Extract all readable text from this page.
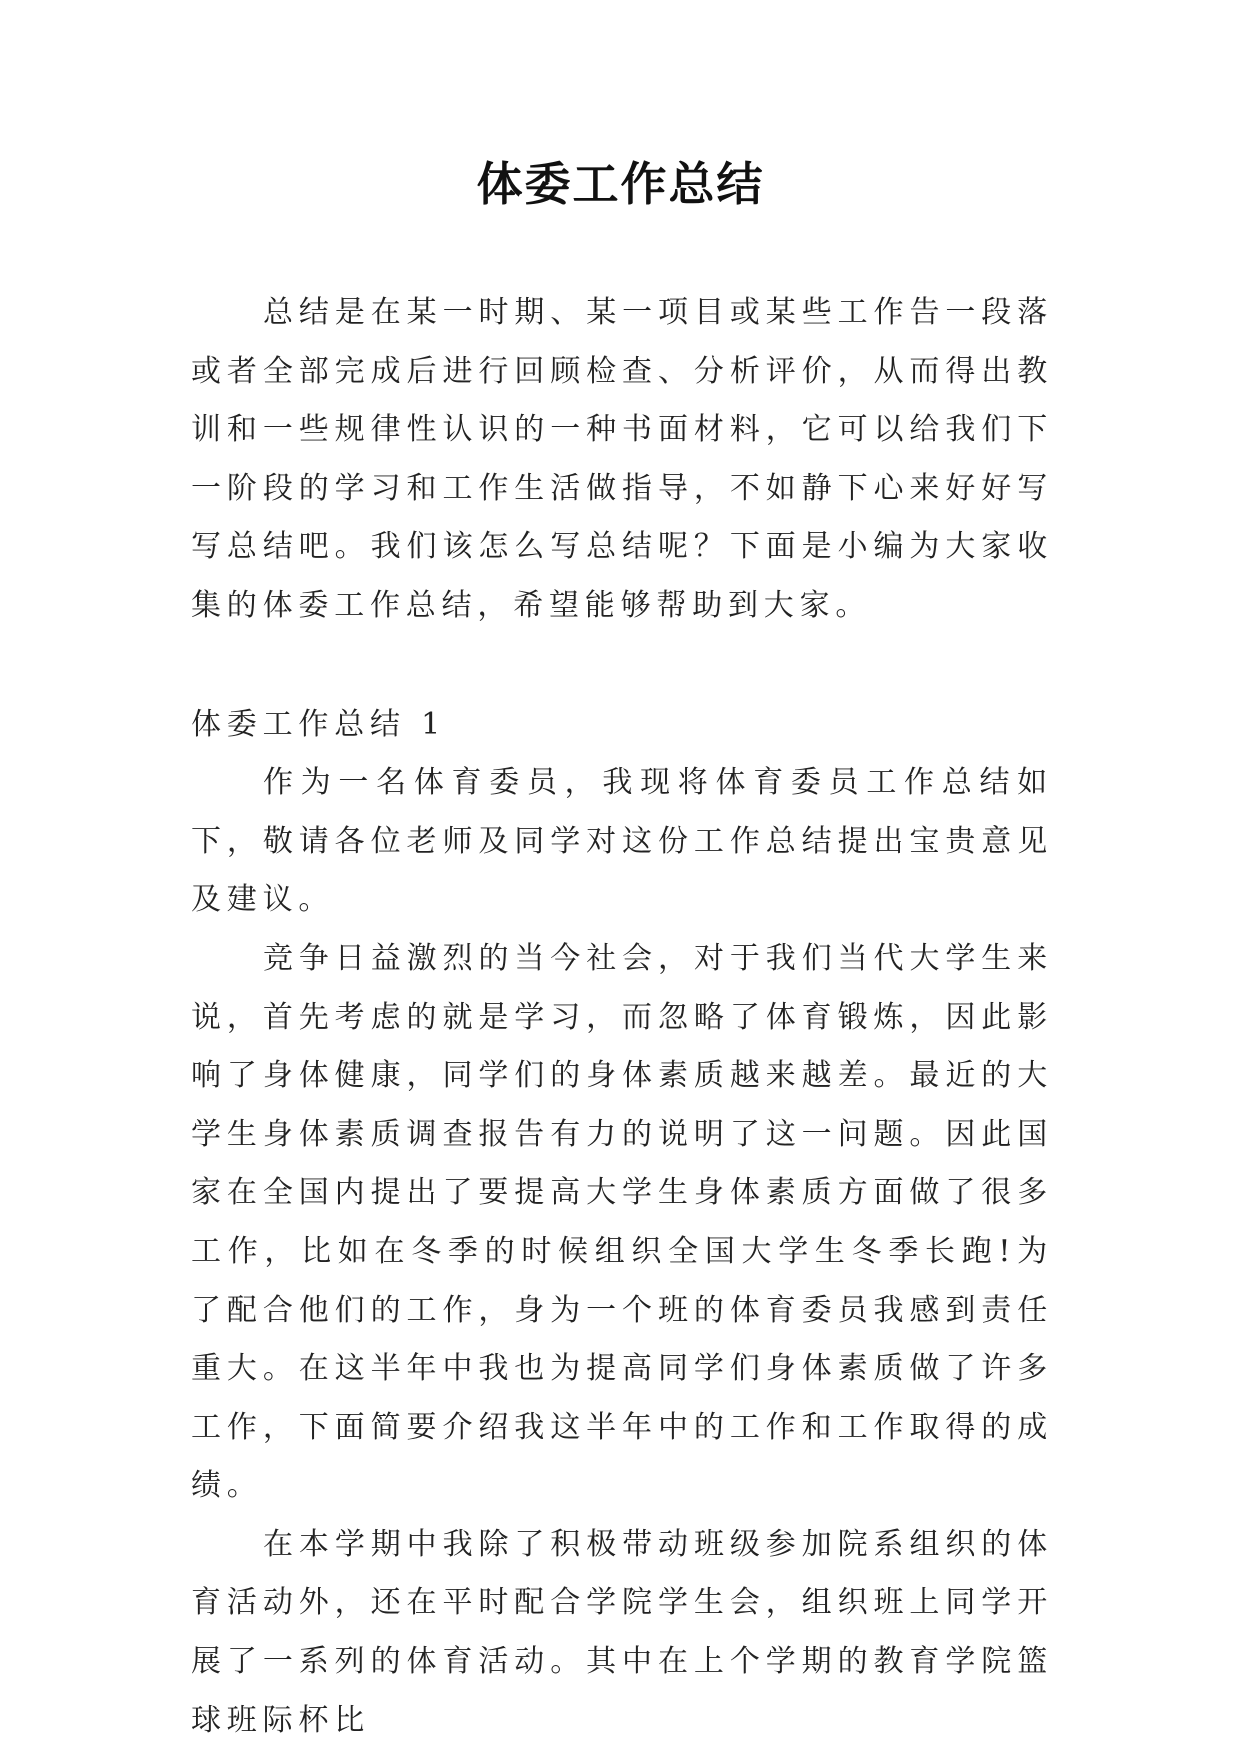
体委工作总结

总结是在某一时期、某一项目或某些工作告一段落或者全部完成后进行回顾检查、分析评价，从而得出教训和一些规律性认识的一种书面材料，它可以给我们下一阶段的学习和工作生活做指导，不如静下心来好好写写总结吧。我们该怎么写总结呢？下面是小编为大家收集的体委工作总结，希望能够帮助到大家。

体委工作总结 1

作为一名体育委员，我现将体育委员工作总结如下，敬请各位老师及同学对这份工作总结提出宝贵意见及建议。

竞争日益激烈的当今社会，对于我们当代大学生来说，首先考虑的就是学习，而忽略了体育锻炼，因此影响了身体健康，同学们的身体素质越来越差。最近的大学生身体素质调查报告有力的说明了这一问题。因此国家在全国内提出了要提高大学生身体素质方面做了很多工作，比如在冬季的时候组织全国大学生冬季长跑!为了配合他们的工作，身为一个班的体育委员我感到责任重大。在这半年中我也为提高同学们身体素质做了许多工作，下面简要介绍我这半年中的工作和工作取得的成绩。

在本学期中我除了积极带动班级参加院系组织的体育活动外，还在平时配合学院学生会，组织班上同学开展了一系列的体育活动。其中在上个学期的教育学院篮球班际杯比
